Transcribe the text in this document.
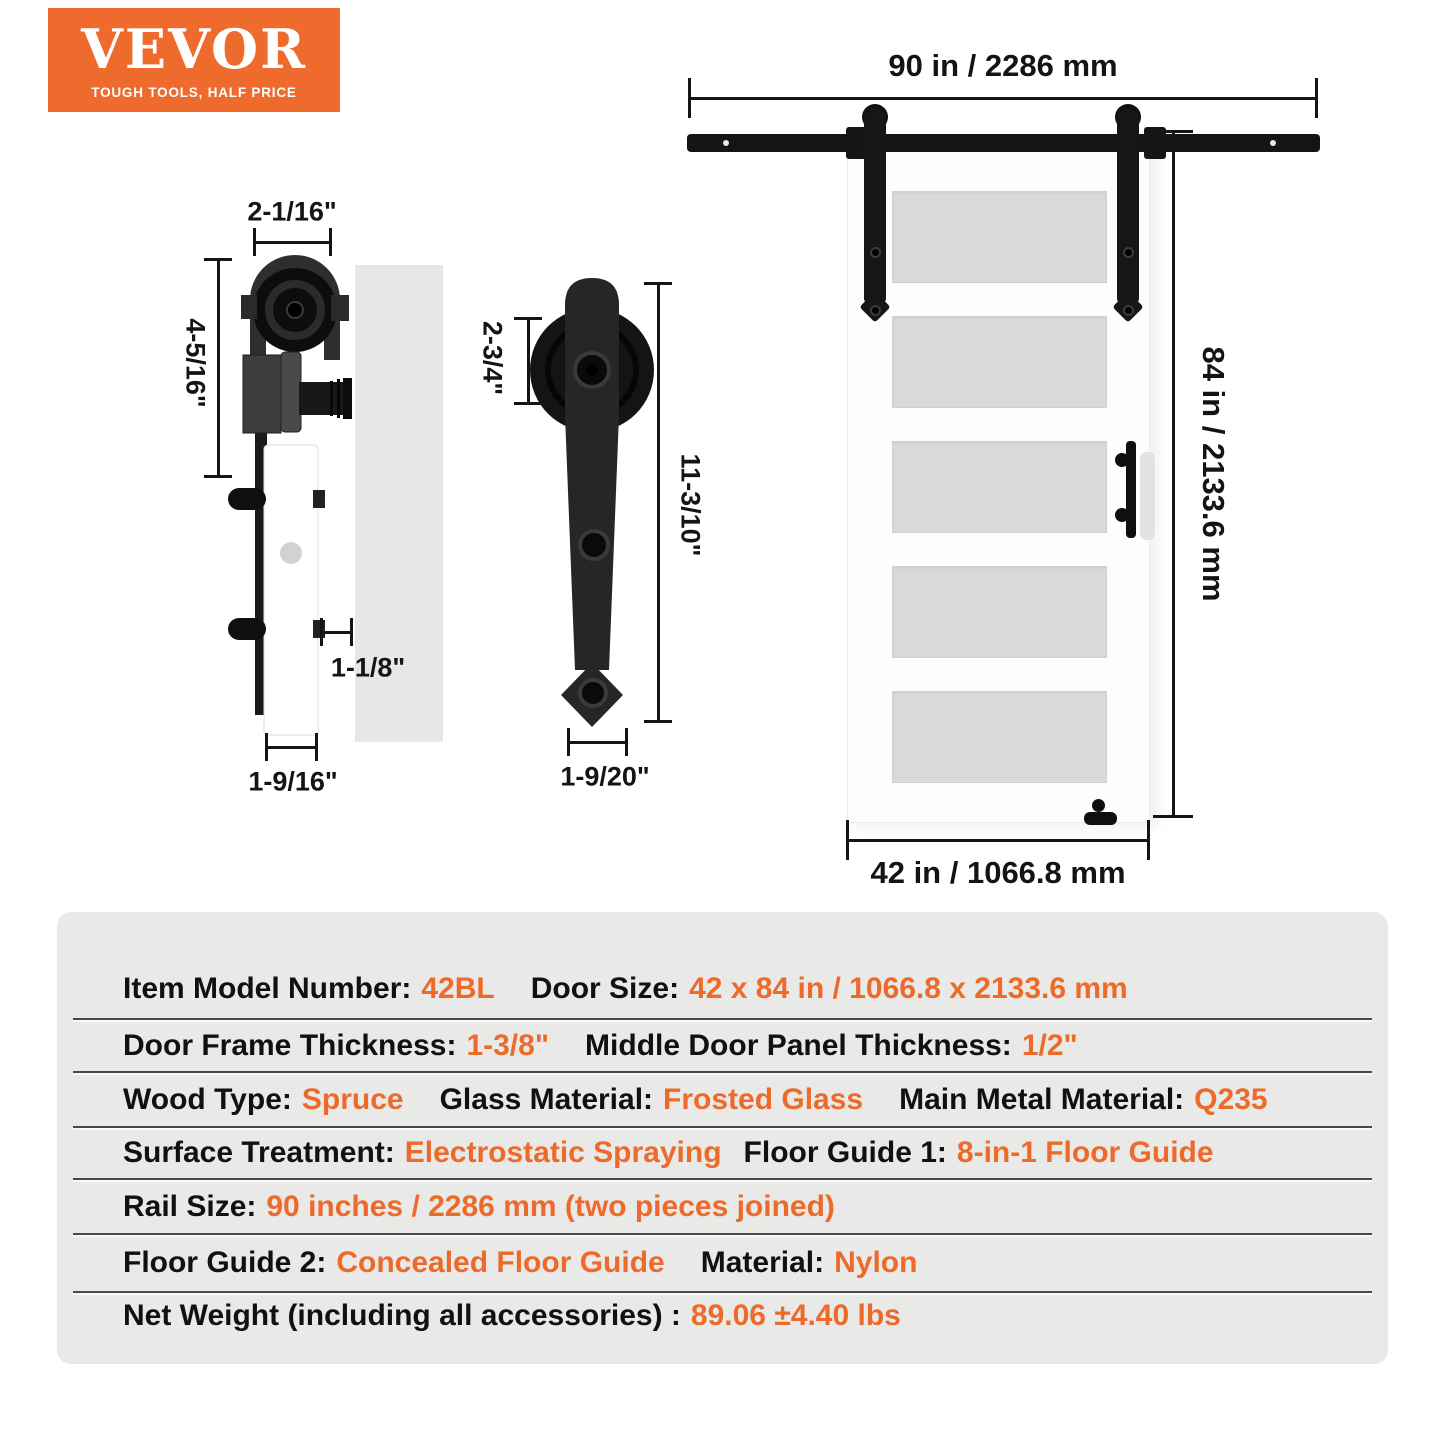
VEVOR
TOUGH TOOLS, HALF PRICE
2-1/16"
4-5/16"
1-1/8"
1-9/16"
2-3/4"
11-3/10"
1-9/20"
90 in / 2286 mm
84 in / 2133.6 mm
42 in / 1066.8 mm
Item Model Number: 42BL Door Size: 42 x 84 in / 1066.8 x 2133.6 mm
Door Frame Thickness: 1-3/8" Middle Door Panel Thickness: 1/2"
Wood Type: Spruce Glass Material: Frosted Glass Main Metal Material: Q235
Surface Treatment: Electrostatic Spraying Floor Guide 1: 8-in-1 Floor Guide
Rail Size: 90 inches / 2286 mm (two pieces joined)
Floor Guide 2: Concealed Floor Guide Material: Nylon
Net Weight (including all accessories) : 89.06 ±4.40 lbs
